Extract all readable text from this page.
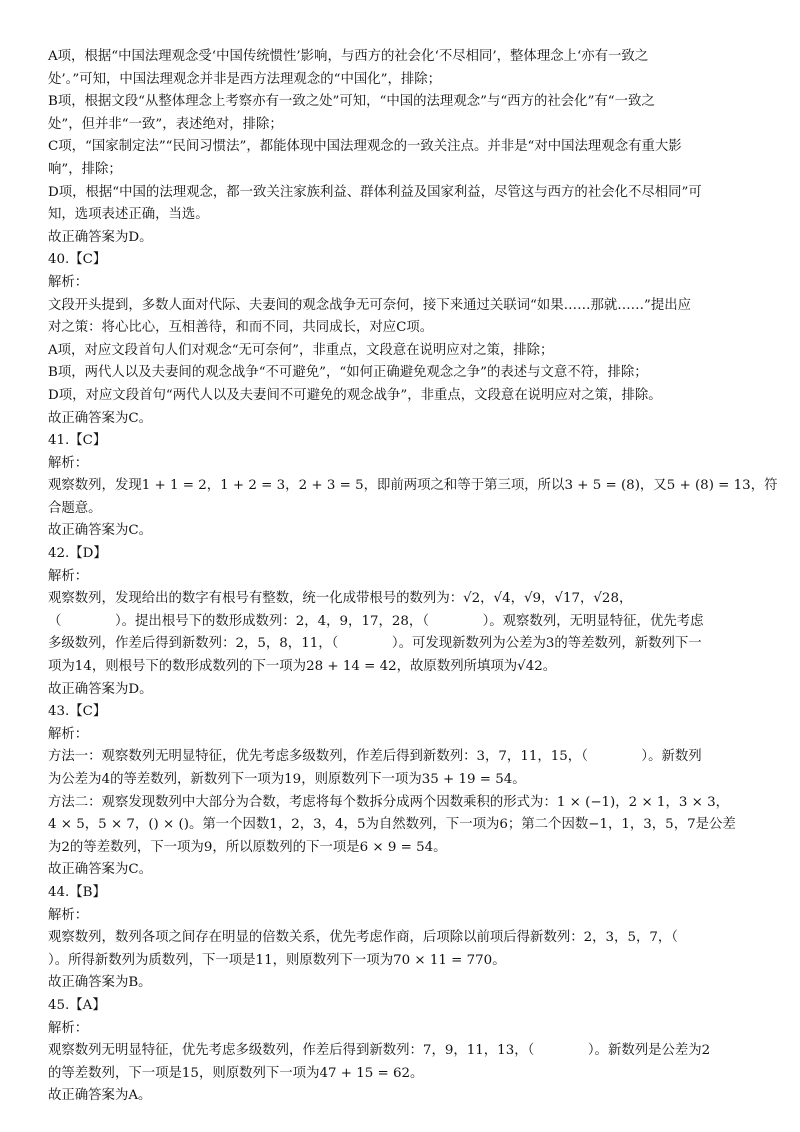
A项，根据“中国法理观念受‘中国传统惯性’影响，与西方的社会化‘不尽相同’，整体理念上‘亦有一致之
处’。”可知，中国法理观念并非是西方法理观念的“中国化”，排除；
B项，根据文段“从整体理念上考察亦有一致之处”可知，“中国的法理观念”与“西方的社会化”有“一致之
处”，但并非“一致”，表述绝对，排除；
C项，“国家制定法”“民间习惯法”，都能体现中国法理观念的一致关注点。并非是“对中国法理观念有重大影
响”，排除；
D项，根据“中国的法理观念，都一致关注家族利益、群体利益及国家利益，尽管这与西方的社会化不尽相同”可
知，选项表述正确，当选。
故正确答案为D。
40.【C】
解析：
文段开头提到，多数人面对代际、夫妻间的观念战争无可奈何，接下来通过关联词“如果……那就……”提出应
对之策：将心比心，互相善待，和而不同，共同成长，对应C项。
A项，对应文段首句人们对观念“无可奈何”，非重点，文段意在说明应对之策，排除；
B项，两代人以及夫妻间的观念战争“不可避免”，“如何正确避免观念之争”的表述与文意不符，排除；
D项，对应文段首句“两代人以及夫妻间不可避免的观念战争”，非重点，文段意在说明应对之策，排除。
故正确答案为C。
41.【C】
解析：
观察数列，发现1 + 1 = 2，1 + 2 = 3，2 + 3 = 5，即前两项之和等于第三项，所以3 + 5 = (8)，又5 + (8) = 13，符
合题意。
故正确答案为C。
42.【D】
解析：
观察数列，发现给出的数字有根号有整数，统一化成带根号的数列为：√2，√4，√9，√17，√28，
（　　　　）。提出根号下的数形成数列：2，4，9，17，28，（　　　　）。观察数列，无明显特征，优先考虑
多级数列，作差后得到新数列：2，5，8，11，（　　　　）。可发现新数列为公差为3的等差数列，新数列下一
项为14，则根号下的数形成数列的下一项为28 + 14 = 42，故原数列所填项为√42。
故正确答案为D。
43.【C】
解析：
方法一：观察数列无明显特征，优先考虑多级数列，作差后得到新数列：3，7，11，15，（　　　　）。新数列
为公差为4的等差数列，新数列下一项为19，则原数列下一项为35 + 19 = 54。
方法二：观察发现数列中大部分为合数，考虑将每个数拆分成两个因数乘积的形式为：1 × (−1)，2 × 1，3 × 3，
4 × 5，5 × 7，() × ()。第一个因数1，2，3，4，5为自然数列，下一项为6；第二个因数−1，1，3，5，7是公差
为2的等差数列，下一项为9，所以原数列的下一项是6 × 9 = 54。
故正确答案为C。
44.【B】
解析：
观察数列，数列各项之间存在明显的倍数关系，优先考虑作商，后项除以前项后得新数列：2，3，5，7，（
）。所得新数列为质数列，下一项是11，则原数列下一项为70 × 11 = 770。
故正确答案为B。
45.【A】
解析：
观察数列无明显特征，优先考虑多级数列，作差后得到新数列：7，9，11，13，（　　　　）。新数列是公差为2
的等差数列，下一项是15，则原数列下一项为47 + 15 = 62。
故正确答案为A。
